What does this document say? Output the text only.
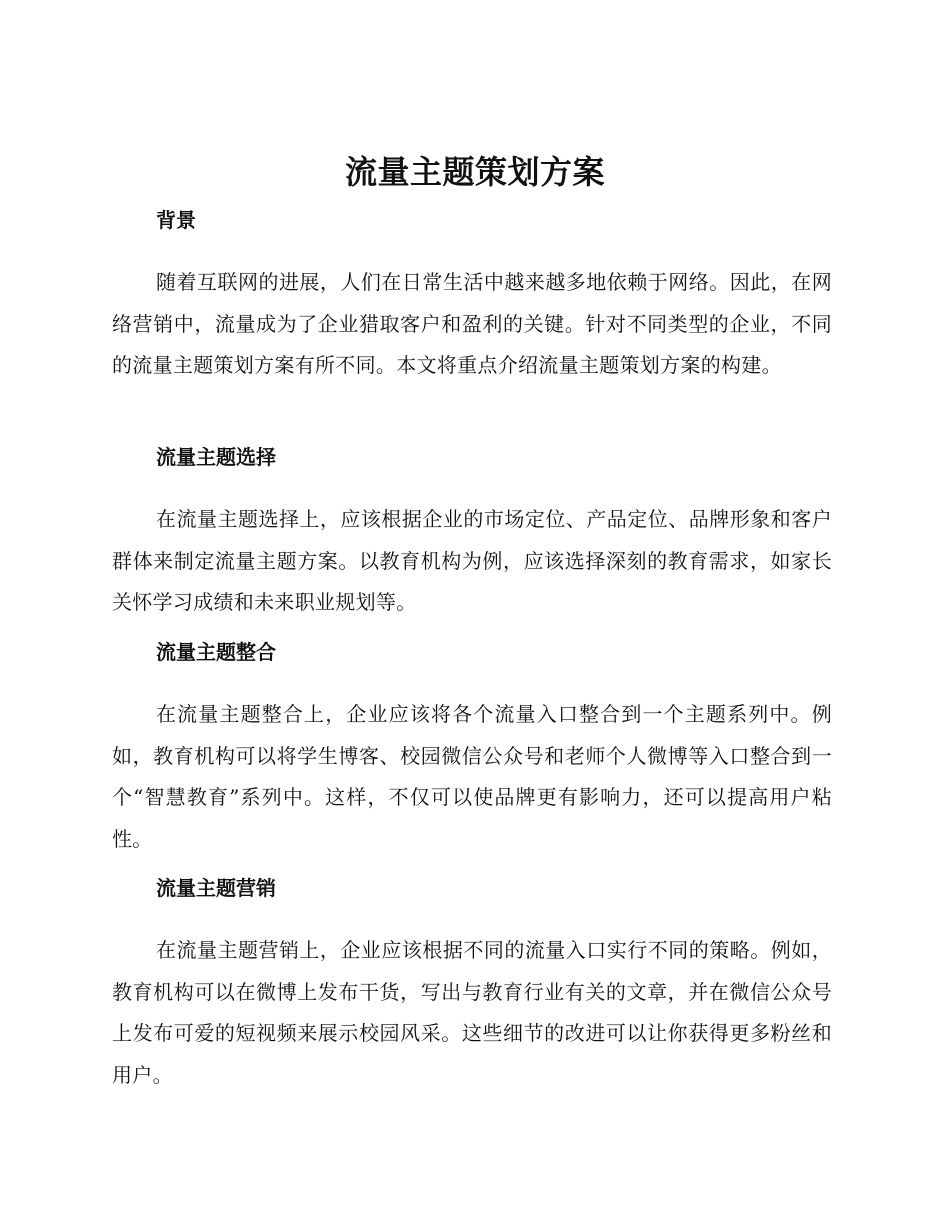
流量主题策划方案
背景

随着互联网的进展，人们在日常生活中越来越多地依赖于网络。因此，在网络营销中，流量成为了企业猎取客户和盈利的关键。针对不同类型的企业，不同的流量主题策划方案有所不同。本文将重点介绍流量主题策划方案的构建。

流量主题选择

在流量主题选择上，应该根据企业的市场定位、产品定位、品牌形象和客户群体来制定流量主题方案。以教育机构为例，应该选择深刻的教育需求，如家长关怀学习成绩和未来职业规划等。

流量主题整合

在流量主题整合上，企业应该将各个流量入口整合到一个主题系列中。例如，教育机构可以将学生博客、校园微信公众号和老师个人微博等入口整合到一个“智慧教育”系列中。这样，不仅可以使品牌更有影响力，还可以提高用户粘性。

流量主题营销

在流量主题营销上，企业应该根据不同的流量入口实行不同的策略。例如，教育机构可以在微博上发布干货，写出与教育行业有关的文章，并在微信公众号上发布可爱的短视频来展示校园风采。这些细节的改进可以让你获得更多粉丝和用户。
